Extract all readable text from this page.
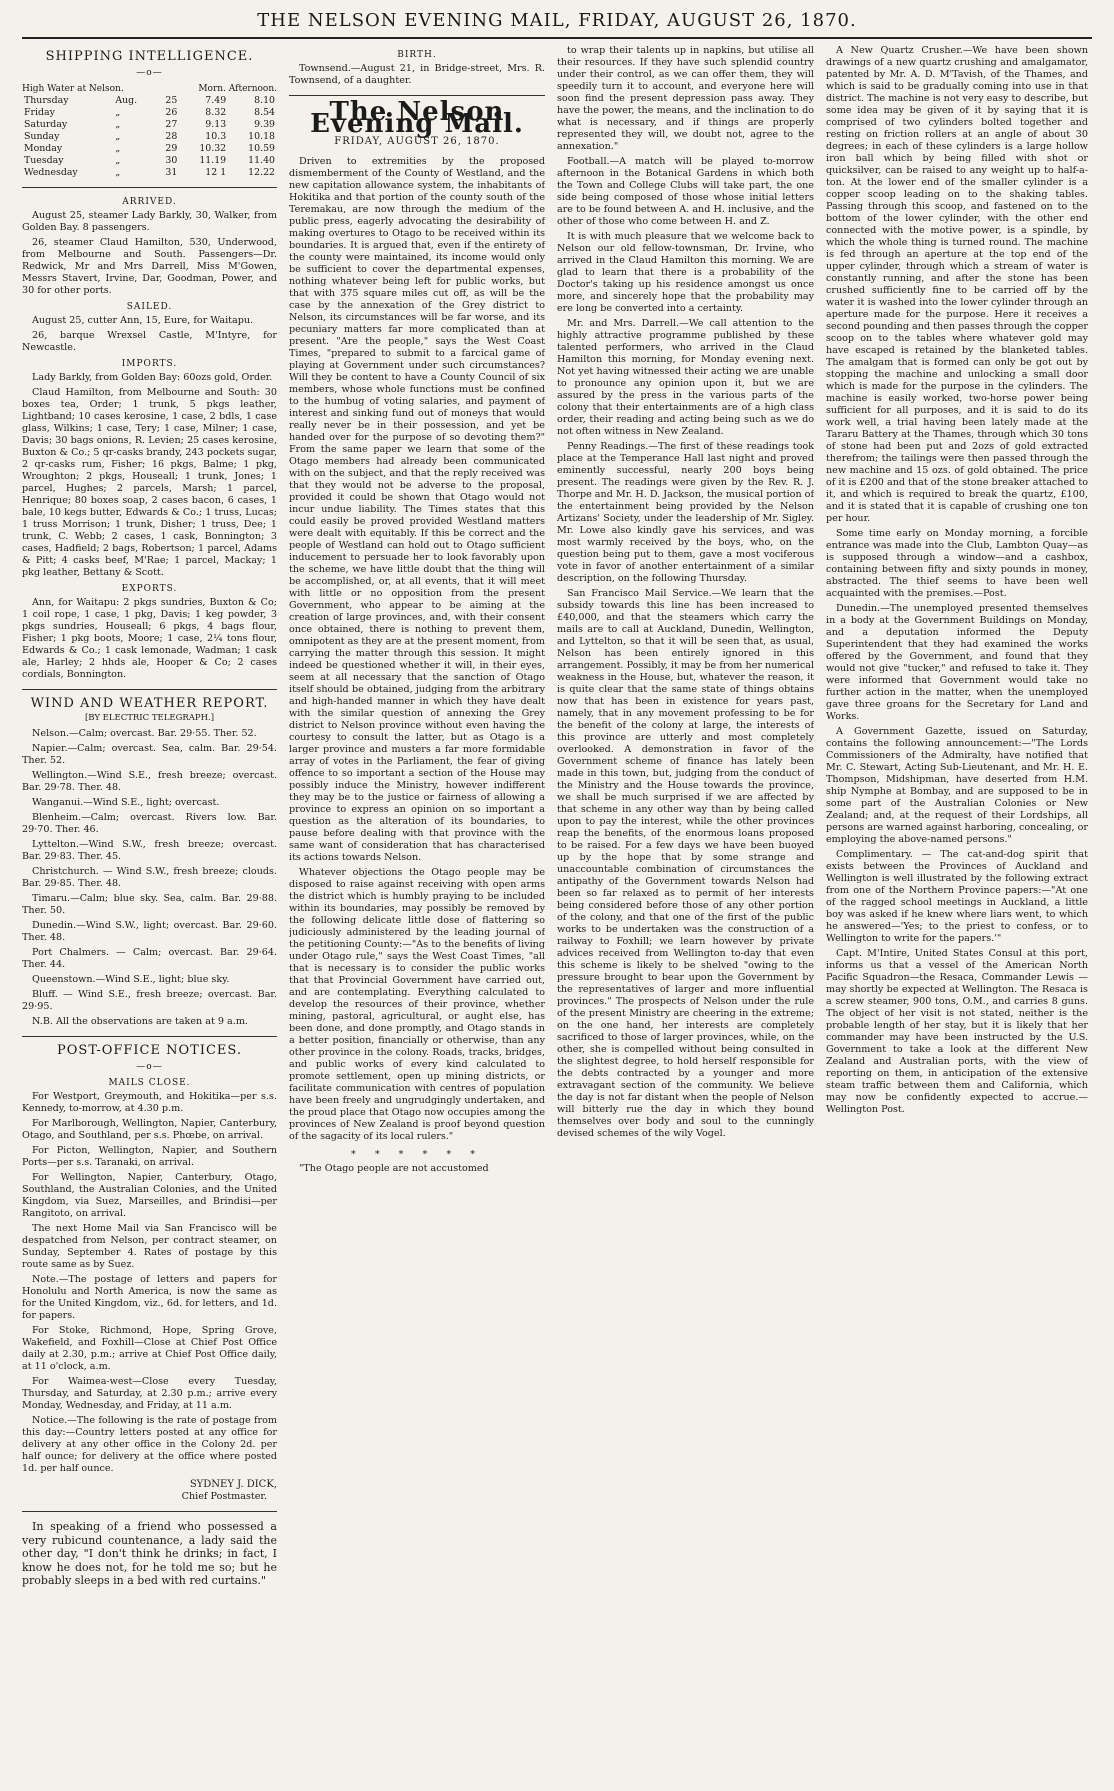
THE NELSON EVENING MAIL, FRIDAY, AUGUST 26, 1870.
SHIPPING INTELLIGENCE.
—o—
High Water at Nelson.	Morn. Afternoon.
Thursday	Aug.	25	7.49	8.10
Friday	„	26	8.32	8.54
Saturday	„	27	9.13	9.39
Sunday	„	28	10.3	10.18
Monday	„	29	10.32	10.59
Tuesday	„	30	11.19	11.40
Wednesday	„	31	12 1	12.22
ARRIVED.

August 25, steamer Lady Barkly, 30, Walker, from Golden Bay. 8 passengers.

26, steamer Claud Hamilton, 530, Underwood, from Melbourne and South. Passengers—Dr. Redwick, Mr and Mrs Darrell, Miss M'Gowen, Messrs Stavert, Irvine, Dar, Goodman, Power, and 30 for other ports.

SAILED.

August 25, cutter Ann, 15, Eure, for Waitapu.

26, barque Wrexsel Castle, M'Intyre, for Newcastle.

IMPORTS.

Lady Barkly, from Golden Bay: 60ozs gold, Order.

Claud Hamilton, from Melbourne and South: 30 boxes tea, Order; 1 trunk, 5 pkgs leather, Lightband; 10 cases kerosine, 1 case, 2 bdls, 1 case glass, Wilkins; 1 case, Tery; 1 case, Milner; 1 case, Davis; 30 bags onions, R. Levien; 25 cases kerosine, Buxton & Co.; 5 qr-casks brandy, 243 pockets sugar, 2 qr-casks rum, Fisher; 16 pkgs, Balme; 1 pkg, Wroughton; 2 pkgs, Houseall; 1 trunk, Jones; 1 parcel, Hughes; 2 parcels, Marsh; 1 parcel, Henrique; 80 boxes soap, 2 cases bacon, 6 cases, 1 bale, 10 kegs butter, Edwards & Co.; 1 truss, Lucas; 1 truss Morrison; 1 trunk, Disher; 1 truss, Dee; 1 trunk, C. Webb; 2 cases, 1 cask, Bonnington; 3 cases, Hadfield; 2 bags, Robertson; 1 parcel, Adams & Pitt; 4 casks beef, M'Rae; 1 parcel, Mackay; 1 pkg leather, Bettany & Scott.

EXPORTS.

Ann, for Waitapu: 2 pkgs sundries, Buxton & Co; 1 coil rope, 1 case, 1 pkg, Davis; 1 keg powder, 3 pkgs sundries, Houseall; 6 pkgs, 4 bags flour, Fisher; 1 pkg boots, Moore; 1 case, 2¼ tons flour, Edwards & Co.; 1 cask lemonade, Wadman; 1 cask ale, Harley; 2 hhds ale, Hooper & Co; 2 cases cordials, Bonnington.

WIND AND WEATHER REPORT.
[BY ELECTRIC TELEGRAPH.]

Nelson.—Calm; overcast. Bar. 29·55. Ther. 52.

Napier.—Calm; overcast. Sea, calm. Bar. 29·54. Ther. 52.

Wellington.—Wind S.E., fresh breeze; overcast. Bar. 29·78. Ther. 48.

Wanganui.—Wind S.E., light; overcast.

Blenheim.—Calm; overcast. Rivers low. Bar. 29·70. Ther. 46.

Lyttelton.—Wind S.W., fresh breeze; overcast. Bar. 29·83. Ther. 45.

Christchurch. — Wind S.W., fresh breeze; clouds. Bar. 29·85. Ther. 48.

Timaru.—Calm; blue sky. Sea, calm. Bar. 29·88. Ther. 50.

Dunedin.—Wind S.W., light; overcast. Bar. 29·60. Ther. 48.

Port Chalmers. — Calm; overcast. Bar. 29·64. Ther. 44.

Queenstown.—Wind S.E., light; blue sky.

Bluff. — Wind S.E., fresh breeze; overcast. Bar. 29·95.

N.B. All the observations are taken at 9 a.m.

POST-OFFICE NOTICES.
—o—
MAILS CLOSE.

For Westport, Greymouth, and Hokitika—per s.s. Kennedy, to-morrow, at 4.30 p.m.

For Marlborough, Wellington, Napier, Canterbury, Otago, and Southland, per s.s. Phœbe, on arrival.

For Picton, Wellington, Napier, and Southern Ports—per s.s. Taranaki, on arrival.

For Wellington, Napier, Canterbury, Otago, Southland, the Australian Colonies, and the United Kingdom, via Suez, Marseilles, and Brindisi—per Rangitoto, on arrival.

The next Home Mail via San Francisco will be despatched from Nelson, per contract steamer, on Sunday, September 4. Rates of postage by this route same as by Suez.

Note.—The postage of letters and papers for Honolulu and North America, is now the same as for the United Kingdom, viz., 6d. for letters, and 1d. for papers.

For Stoke, Richmond, Hope, Spring Grove, Wakefield, and Foxhill—Close at Chief Post Office daily at 2.30, p.m.; arrive at Chief Post Office daily, at 11 o'clock, a.m.

For Waimea-west—Close every Tuesday, Thursday, and Saturday, at 2.30 p.m.; arrive every Monday, Wednesday, and Friday, at 11 a.m.

Notice.—The following is the rate of postage from this day:—Country letters posted at any office for delivery at any other office in the Colony 2d. per half ounce; for delivery at the office where posted 1d. per half ounce.

SYDNEY J. DICK,
Chief Postmaster.

In speaking of a friend who possessed a very rubicund countenance, a lady said the other day, "I don't think he drinks; in fact, I know he does not, for he told me so; but he probably sleeps in a bed with red curtains."

BIRTH.

Townsend.—August 21, in Bridge-street, Mrs. R. Townsend, of a daughter.

The Nelson Evening Mail.
FRIDAY, AUGUST 26, 1870.

Driven to extremities by the proposed dismemberment of the County of Westland, and the new capitation allowance system, the inhabitants of Hokitika and that portion of the county south of the Teremakau, are now through the medium of the public press, eagerly advocating the desirability of making overtures to Otago to be received within its boundaries. It is argued that, even if the entirety of the county were maintained, its income would only be sufficient to cover the departmental expenses, nothing whatever being left for public works, but that with 375 square miles cut off, as will be the case by the annexation of the Grey district to Nelson, its circumstances will be far worse, and its pecuniary matters far more complicated than at present. "Are the people," says the West Coast Times, "prepared to submit to a farcical game of playing at Government under such circumstances? Will they be content to have a County Council of six members, whose whole functions must be confined to the humbug of voting salaries, and payment of interest and sinking fund out of moneys that would really never be in their possession, and yet be handed over for the purpose of so devoting them?" From the same paper we learn that some of the Otago members had already been communicated with on the subject, and that the reply received was that they would not be adverse to the proposal, provided it could be shown that Otago would not incur undue liability. The Times states that this could easily be proved provided Westland matters were dealt with equitably. If this be correct and the people of Westland can hold out to Otago sufficient inducement to persuade her to look favorably upon the scheme, we have little doubt that the thing will be accomplished, or, at all events, that it will meet with little or no opposition from the present Government, who appear to be aiming at the creation of large provinces, and, with their consent once obtained, there is nothing to prevent them, omnipotent as they are at the present moment, from carrying the matter through this session. It might indeed be questioned whether it will, in their eyes, seem at all necessary that the sanction of Otago itself should be obtained, judging from the arbitrary and high-handed manner in which they have dealt with the similar question of annexing the Grey district to Nelson province without even having the courtesy to consult the latter, but as Otago is a larger province and musters a far more formidable array of votes in the Parliament, the fear of giving offence to so important a section of the House may possibly induce the Ministry, however indifferent they may be to the justice or fairness of allowing a province to express an opinion on so important a question as the alteration of its boundaries, to pause before dealing with that province with the same want of consideration that has characterised its actions towards Nelson.

Whatever objections the Otago people may be disposed to raise against receiving with open arms the district which is humbly praying to be included within its boundaries, may possibly be removed by the following delicate little dose of flattering so judiciously administered by the leading journal of the petitioning County:—"As to the benefits of living under Otago rule," says the West Coast Times, "all that is necessary is to consider the public works that that Provincial Government have carried out, and are contemplating. Everything calculated to develop the resources of their province, whether mining, pastoral, agricultural, or aught else, has been done, and done promptly, and Otago stands in a better position, financially or otherwise, than any other province in the colony. Roads, tracks, bridges, and public works of every kind calculated to promote settlement, open up mining districts, or facilitate communication with centres of population have been freely and ungrudgingly undertaken, and the proud place that Otago now occupies among the provinces of New Zealand is proof beyond question of the sagacity of its local rulers."

* * * * * *

"The Otago people are not accustomed

to wrap their talents up in napkins, but utilise all their resources. If they have such splendid country under their control, as we can offer them, they will speedily turn it to account, and everyone here will soon find the present depression pass away. They have the power, the means, and the inclination to do what is necessary, and if things are properly represented they will, we doubt not, agree to the annexation."

Football.—A match will be played to-morrow afternoon in the Botanical Gardens in which both the Town and College Clubs will take part, the one side being composed of those whose initial letters are to be found between A. and H. inclusive, and the other of those who come between H. and Z.

It is with much pleasure that we welcome back to Nelson our old fellow-townsman, Dr. Irvine, who arrived in the Claud Hamilton this morning. We are glad to learn that there is a probability of the Doctor's taking up his residence amongst us once more, and sincerely hope that the probability may ere long be converted into a certainty.

Mr. and Mrs. Darrell.—We call attention to the highly attractive programme published by these talented performers, who arrived in the Claud Hamilton this morning, for Monday evening next. Not yet having witnessed their acting we are unable to pronounce any opinion upon it, but we are assured by the press in the various parts of the colony that their entertainments are of a high class order, their reading and acting being such as we do not often witness in New Zealand.

Penny Readings.—The first of these readings took place at the Temperance Hall last night and proved eminently successful, nearly 200 boys being present. The readings were given by the Rev. R. J. Thorpe and Mr. H. D. Jackson, the musical portion of the entertainment being provided by the Nelson Artizans' Society, under the leadership of Mr. Sigley. Mr. Lowe also kindly gave his services, and was most warmly received by the boys, who, on the question being put to them, gave a most vociferous vote in favor of another entertainment of a similar description, on the following Thursday.

San Francisco Mail Service.—We learn that the subsidy towards this line has been increased to £40,000, and that the steamers which carry the mails are to call at Auckland, Dunedin, Wellington, and Lyttelton, so that it will be seen that, as usual, Nelson has been entirely ignored in this arrangement. Possibly, it may be from her numerical weakness in the House, but, whatever the reason, it is quite clear that the same state of things obtains now that has been in existence for years past, namely, that in any movement professing to be for the benefit of the colony at large, the interests of this province are utterly and most completely overlooked. A demonstration in favor of the Government scheme of finance has lately been made in this town, but, judging from the conduct of the Ministry and the House towards the province, we shall be much surprised if we are affected by that scheme in any other way than by being called upon to pay the interest, while the other provinces reap the benefits, of the enormous loans proposed to be raised. For a few days we have been buoyed up by the hope that by some strange and unaccountable combination of circumstances the antipathy of the Government towards Nelson had been so far relaxed as to permit of her interests being considered before those of any other portion of the colony, and that one of the first of the public works to be undertaken was the construction of a railway to Foxhill; we learn however by private advices received from Wellington to-day that even this scheme is likely to be shelved "owing to the pressure brought to bear upon the Government by the representatives of larger and more influential provinces." The prospects of Nelson under the rule of the present Ministry are cheering in the extreme; on the one hand, her interests are completely sacrificed to those of larger provinces, while, on the other, she is compelled without being consulted in the slightest degree, to hold herself responsible for the debts contracted by a younger and more extravagant section of the community. We believe the day is not far distant when the people of Nelson will bitterly rue the day in which they bound themselves over body and soul to the cunningly devised schemes of the wily Vogel.

A New Quartz Crusher.—We have been shown drawings of a new quartz crushing and amalgamator, patented by Mr. A. D. M'Tavish, of the Thames, and which is said to be gradually coming into use in that district. The machine is not very easy to describe, but some idea may be given of it by saying that it is comprised of two cylinders bolted together and resting on friction rollers at an angle of about 30 degrees; in each of these cylinders is a large hollow iron ball which by being filled with shot or quicksilver, can be raised to any weight up to half-a-ton. At the lower end of the smaller cylinder is a copper scoop leading on to the shaking tables. Passing through this scoop, and fastened on to the bottom of the lower cylinder, with the other end connected with the motive power, is a spindle, by which the whole thing is turned round. The machine is fed through an aperture at the top end of the upper cylinder, through which a stream of water is constantly running, and after the stone has been crushed sufficiently fine to be carried off by the water it is washed into the lower cylinder through an aperture made for the purpose. Here it receives a second pounding and then passes through the copper scoop on to the tables where whatever gold may have escaped is retained by the blanketed tables. The amalgam that is formed can only be got out by stopping the machine and unlocking a small door which is made for the purpose in the cylinders. The machine is easily worked, two-horse power being sufficient for all purposes, and it is said to do its work well, a trial having been lately made at the Tararu Battery at the Thames, through which 30 tons of stone had been put and 2ozs of gold extracted therefrom; the tailings were then passed through the new machine and 15 ozs. of gold obtained. The price of it is £200 and that of the stone breaker attached to it, and which is required to break the quartz, £100, and it is stated that it is capable of crushing one ton per hour.

Some time early on Monday morning, a forcible entrance was made into the Club, Lambton Quay—as is supposed through a window—and a cashbox, containing between fifty and sixty pounds in money, abstracted. The thief seems to have been well acquainted with the premises.—Post.

Dunedin.—The unemployed presented themselves in a body at the Government Buildings on Monday, and a deputation informed the Deputy Superintendent that they had examined the works offered by the Government, and found that they would not give "tucker," and refused to take it. They were informed that Government would take no further action in the matter, when the unemployed gave three groans for the Secretary for Land and Works.

A Government Gazette, issued on Saturday, contains the following announcement:—"The Lords Commissioners of the Admiralty, have notified that Mr. C. Stewart, Acting Sub-Lieutenant, and Mr. H. E. Thompson, Midshipman, have deserted from H.M. ship Nymphe at Bombay, and are supposed to be in some part of the Australian Colonies or New Zealand; and, at the request of their Lordships, all persons are warned against harboring, concealing, or employing the above-named persons."

Complimentary. — The cat-and-dog spirit that exists between the Provinces of Auckland and Wellington is well illustrated by the following extract from one of the Northern Province papers:—"At one of the ragged school meetings in Auckland, a little boy was asked if he knew where liars went, to which he answered—'Yes; to the priest to confess, or to Wellington to write for the papers.'"

Capt. M'Intire, United States Consul at this port, informs us that a vessel of the American North Pacific Squadron—the Resaca, Commander Lewis — may shortly be expected at Wellington. The Resaca is a screw steamer, 900 tons, O.M., and carries 8 guns. The object of her visit is not stated, neither is the probable length of her stay, but it is likely that her commander may have been instructed by the U.S. Government to take a look at the different New Zealand and Australian ports, with the view of reporting on them, in anticipation of the extensive steam traffic between them and California, which may now be confidently expected to accrue.—Wellington Post.
